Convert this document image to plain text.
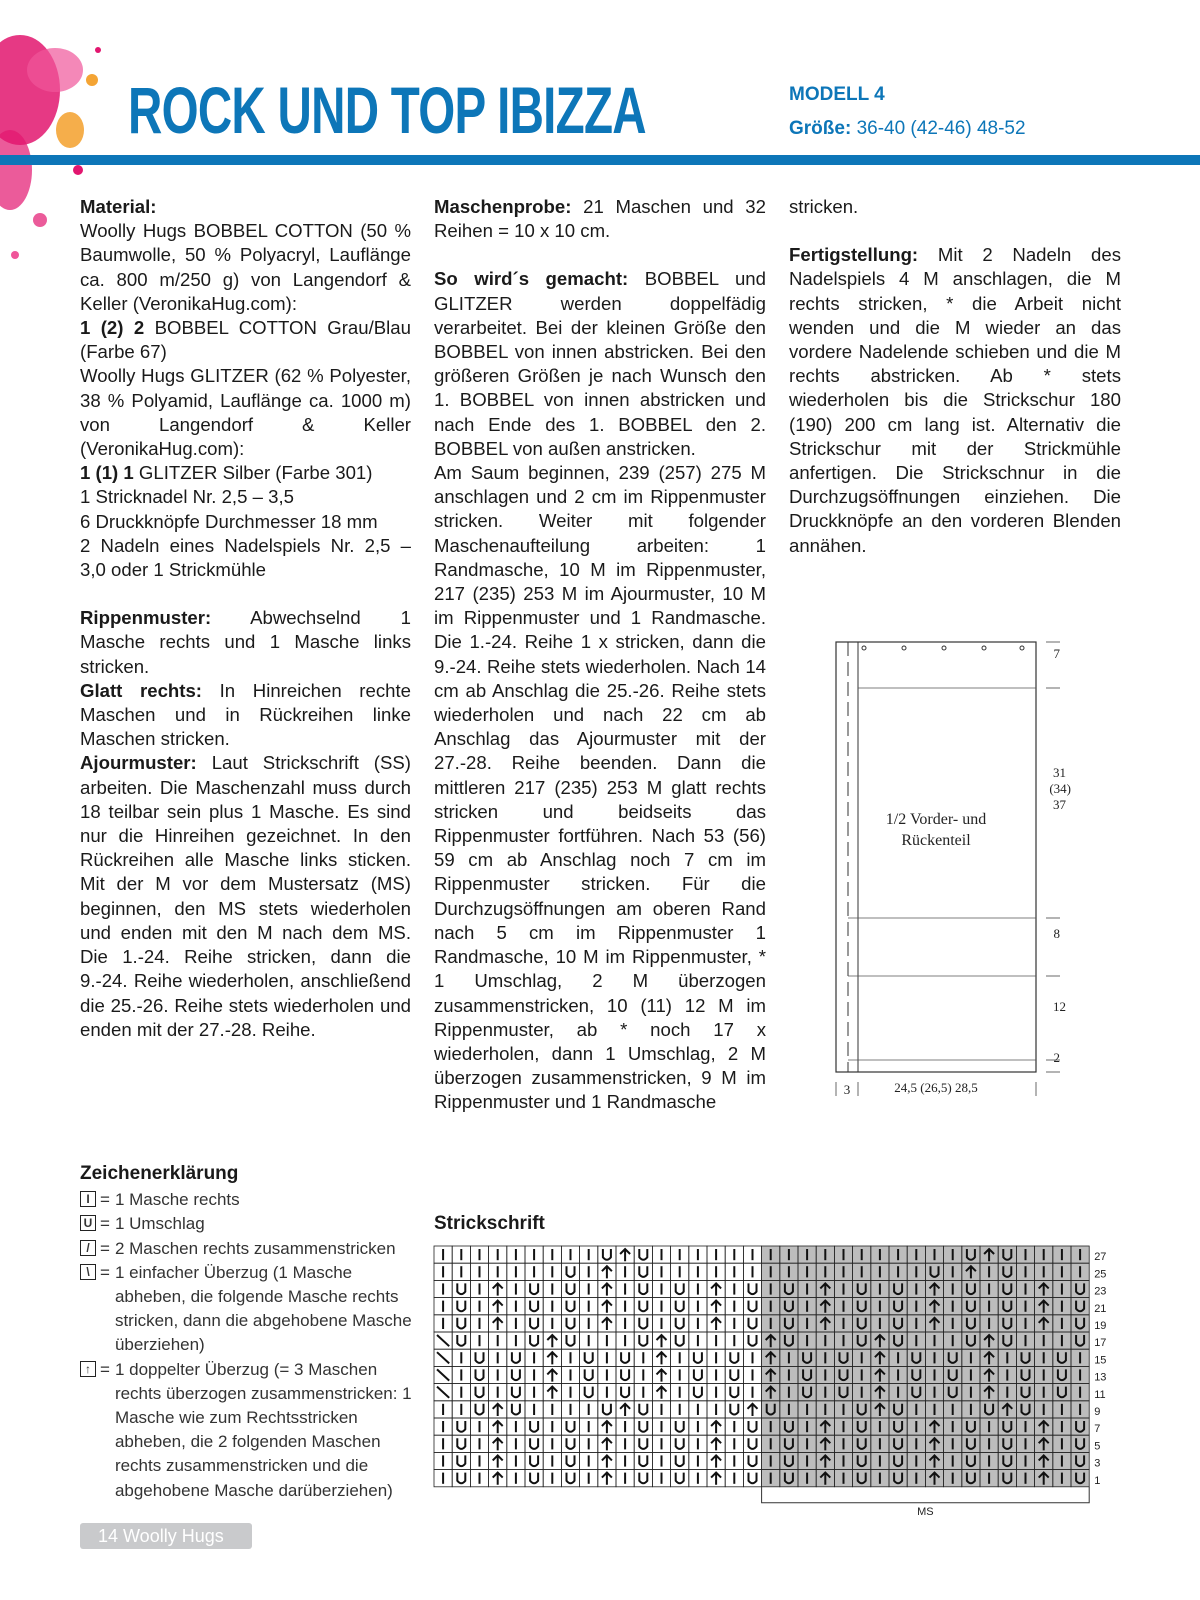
ROCK UND TOP IBIZZA	MODELL 4
Größe: 36-40 (42-46) 48-52

Material:

Woolly Hugs BOBBEL COTTON (50 % Baumwolle, 50 % Polyacryl, Lauflänge ca. 800 m/250 g) von Langendorf & Keller (VeronikaHug.com):

1 (2) 2 BOBBEL COTTON Grau/Blau (Farbe 67)

Woolly Hugs GLITZER (62 % Polyester, 38 % Polyamid, Lauflänge ca. 1000 m) von Langendorf & Keller (VeronikaHug.com):

1 (1) 1 GLITZER Silber (Farbe 301)

1 Stricknadel Nr. 2,5 – 3,5

6 Druckknöpfe Durchmesser 18 mm

2 Nadeln eines Nadelspiels Nr. 2,5 – 3,0 oder 1 Strickmühle

Rippenmuster: Abwechselnd 1 Masche rechts und 1 Masche links stricken.

Glatt rechts: In Hinreichen rechte Maschen und in Rückreihen linke Maschen stricken.

Ajourmuster: Laut Strickschrift (SS) arbeiten. Die Maschenzahl muss durch 18 teilbar sein plus 1 Masche. Es sind nur die Hinreihen gezeichnet. In den Rückreihen alle Masche links sticken. Mit der M vor dem Mustersatz (MS) beginnen, den MS stets wiederholen und enden mit den M nach dem MS. Die 1.-24. Reihe stricken, dann die 9.-24. Reihe wiederholen, anschließend die 25.-26. Reihe stets wiederholen und enden mit der 27.-28. Reihe.

Maschenprobe: 21 Maschen und 32 Reihen = 10 x 10 cm.

So wird´s gemacht: BOBBEL und GLITZER werden doppelfädig verarbeitet. Bei der kleinen Größe den BOBBEL von innen abstricken. Bei den größeren Größen je nach Wunsch den 1. BOBBEL von innen abstricken und nach Ende des 1. BOBBEL den 2. BOBBEL von außen anstricken.

Am Saum beginnen, 239 (257) 275 M anschlagen und 2 cm im Rippenmuster stricken. Weiter mit folgender Maschenaufteilung arbeiten: 1 Randmasche, 10 M im Rippenmuster, 217 (235) 253 M im Ajourmuster, 10 M im Rippenmuster und 1 Randmasche. Die 1.-24. Reihe 1 x stricken, dann die 9.-24. Reihe stets wiederholen. Nach 14 cm ab Anschlag die 25.-26. Reihe stets wiederholen und nach 22 cm ab Anschlag das Ajourmuster mit der 27.-28. Reihe beenden. Dann die mittleren 217 (235) 253 M glatt rechts stricken und beidseits das Rippenmuster fortführen. Nach 53 (56) 59 cm ab Anschlag noch 7 cm im Rippenmuster stricken. Für die Durchzugsöffnungen am oberen Rand nach 5 cm im Rippenmuster 1 Randmasche, 10 M im Rippenmuster, * 1 Umschlag, 2 M überzogen zusammenstricken, 10 (11) 12 M im Rippenmuster, ab * noch 17 x wiederholen, dann 1 Umschlag, 2 M überzogen zusammenstricken, 9 M im Rippenmuster und 1 Randmasche

stricken.

Fertigstellung: Mit 2 Nadeln des Nadelspiels 4 M anschlagen, die M rechts stricken, * die Arbeit nicht wenden und die M wieder an das vordere Nadelende schieben und die M rechts abstricken. Ab * stets wiederholen bis die Strickschur 180 (190) 200 cm lang ist. Alternativ die Strickschur mit der Strickmühle anfertigen. Die Strickschnur in die Durchzugsöffnungen einziehen. Die Druckknöpfe an den vorderen Blenden annähen.

1/2 Vorder- und
Rückenteil
7
31
(34)
37
8
12
2
3	24,5 (26,5) 28,5
Zeichenerklärung
I = 1 Masche rechts
U = 1 Umschlag
/ = 2 Maschen rechts zusammenstricken
\ = 1 einfacher Überzug (1 Masche abheben, die folgende Masche rechts stricken, dann die abgehobene Masche überziehen)
↑ = 1 doppelter Überzug (= 3 Maschen rechts überzogen zusammenstricken: 1 Masche wie zum Rechtsstricken abheben, die 2 folgenden Maschen rechts zusammenstricken und die abgehobene Masche darüberziehen)
Strickschrift
27
25
23
21
19
17
15
13
11
9
7
5
3
1
MS
14 Woolly Hugs
